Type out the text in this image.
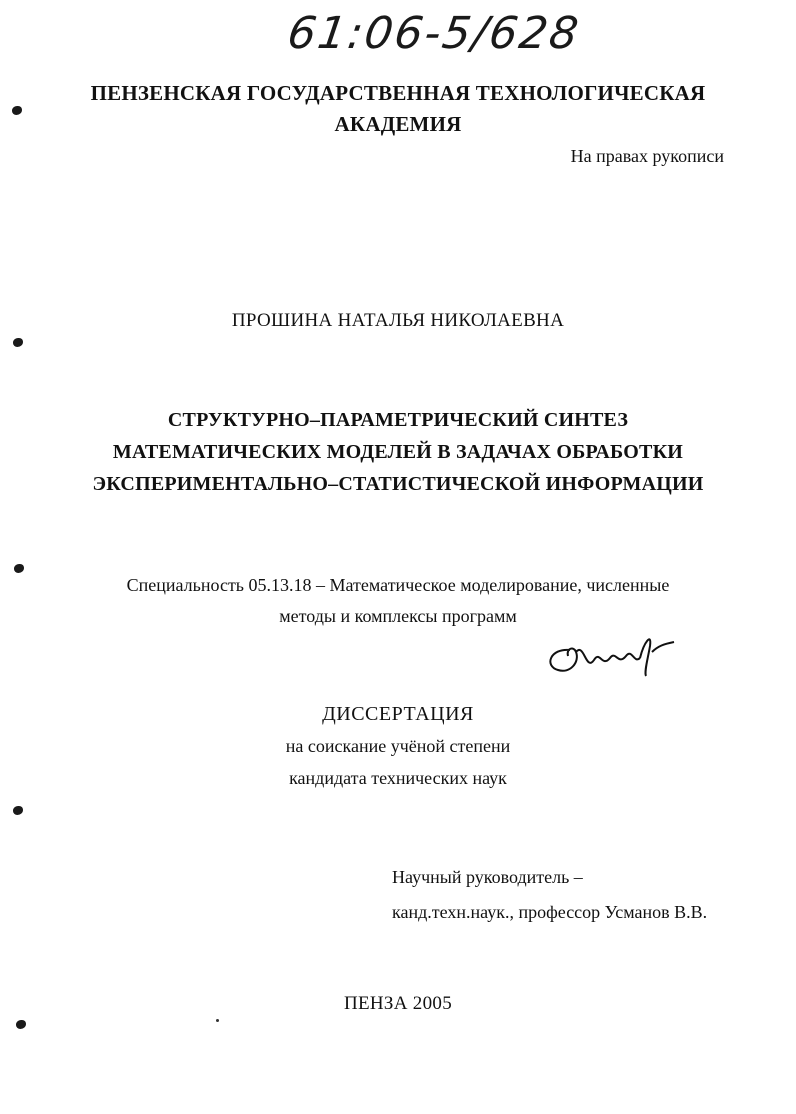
61:06-5/628
ПЕНЗЕНСКАЯ ГОСУДАРСТВЕННАЯ ТЕХНОЛОГИЧЕСКАЯ
АКАДЕМИЯ
На правах рукописи
ПРОШИНА НАТАЛЬЯ НИКОЛАЕВНА
СТРУКТУРНО–ПАРАМЕТРИЧЕСКИЙ СИНТЕЗ
МАТЕМАТИЧЕСКИХ МОДЕЛЕЙ В ЗАДАЧАХ ОБРАБОТКИ
ЭКСПЕРИМЕНТАЛЬНО–СТАТИСТИЧЕСКОЙ ИНФОРМАЦИИ
Специальность 05.13.18 – Математическое моделирование, численные
методы и комплексы программ
ДИССЕРТАЦИЯ
на соискание учёной степени
кандидата технических наук
Научный руководитель –
канд.техн.наук., профессор Усманов В.В.
ПЕНЗА 2005
